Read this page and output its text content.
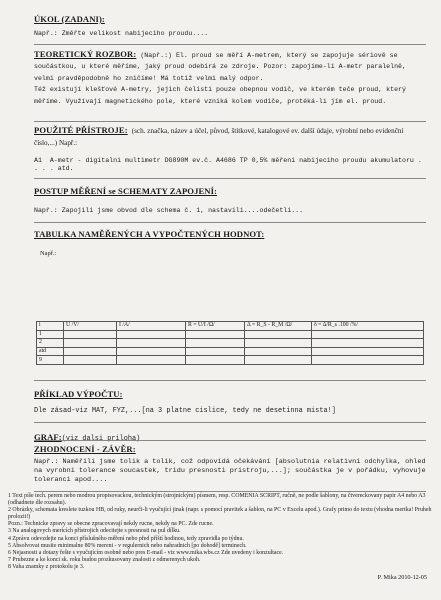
ÚKOL (ZADANI):
Např.: Změřte velikost nabijeciho proudu....
TEORETICKÝ ROZBOR: (Např.:) El. proud se měří A-metrem, který se zapojuje sériově se součástkou, u které měříme, jaký proud odebírá ze zdroje. Pozor: zapojíme-li A-metr paralelně, velmi pravděpodobně ho zničíme! Má totiž velmi malý odpor.
Též existují klešťové A-metry, jejich čelisti pouze obepnou vodič, ve kterém teče proud, který měříme. Využívají magnetického pole, které vzniká kolem vodiče, protéká-li jím el. proud.
POUŽITÉ PŘÍSTROJE: (sch. značka, název a účel, původ, štítkové, katalogové ev. další údaje, výrobní nebo evidenční číslo,...) Např.:
A1  A-metr - digitalni multimetr DG890M ev.č. A4686 TP 0,5% měření nabijeciho proudu akumulatoru . . . . atd.
POSTUP MĚŘENÍ se SCHEMATY ZAPOJENÍ:
Např.: Zapojili jsme obvod dle schema č. 1, nastavili....odečetli...
TABULKA NAMĚŘENÝCH A VYPOČTENÝCH HODNOT:
Např.:
i	U /V/	I /A/	R = U/I /Ω/	Δ = R_S - R_M /Ω/	δ = Δ/R_s .100 /%/
1					
2					
atd					
9					
PŘÍKLAD VÝPOČTU:
Dle zásad-viz MAT, FYZ,...[na 3 platne cislice, tedy ne desetinna mista!]
GRAF:(viz dalsi priloha)
ZHODNOCENÍ - ZÁVĚR:
Např.: Naměřili jsme tolik a tolik, což odpovídá očekávání [absolutnia relativní odchylka, ohled na vyrobni tolerance soucastek, tridu presnosti pristroju,...]; součástka je v pořádku, vyhovuje toleranci apod....
1 Text píše tech. perem nebo modrou propisovackou, technickým (strojnickým) písmem, resp. COMENIA SCRIPT, ručně, ne podle šablony, na čtvereckovany papir A4 nebo A3 (odhadnete dle rozsahu).
2 Obrázky, schemata kreslete tuzkou HB, od ruky, neurči-li vyučující jinak (napr. s pomocí pravitek a šablon, na PC v Excelu apod.). Grafy primo do textu (vhodna mertka! Pruheh prolozit!)
Pozn.: Technicke zpravy se obecne zpracovavají nekdy rucne, nekdy na PC. Zde rucne.
3 Na analogovych merících přístrojich odecitejte s presnosti na pul dílku.
4 Zprávu odevzdejte na konci příslušného měření nebo před příští hodinou, tedy zpravidla po týdnu.
5 Absolvovat musite minimalne 80% mereni - v regulernich nebo nahradnich [po dohodě] terminech.
6 Nejasnosti a dotazy řešte s vyučujícím osobně nebo pres E-mail - viz www.mika.wbs.cz Zde uvedeny i konzultace.
7 Prubezne a ke konci sk. roku budou prozkusovany znalosti z odmerenych ukoh.
8 Vaha znamky z protokolu je 3.
P. Mika 2010-12-05
